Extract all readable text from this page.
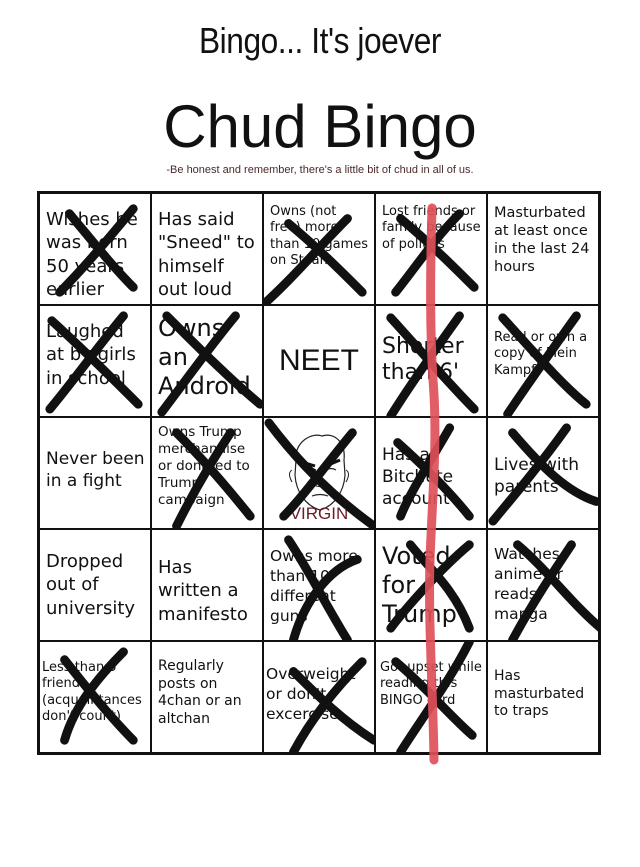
Bingo... It's joever
Chud Bingo
-Be honest and remember, there's a little bit of chud in all of us.
Wishes he was born 50 years earlier
Has said "Sneed" to himself out loud
Owns (not free) more than 10 games on Steam
Lost friends or family because of politics
Masturbated at least once in the last 24 hours
Laughed at by girls in school
Owns an Android
NEET	Shorter than 6'
Read or own a copy of Mein Kampf
Never been in a fight
Owns Trump merchandise or donated to Trump campaign
VIRGIN
Has a Bitchute account
Lives with parents
Dropped out of university
Has written a manifesto
Owns more than 10 different guns
Voted for Trump
Watches anime or reads manga
Less than 5 friends (acquaintances don't count)
Regularly posts on 4chan or an altchan
Overweight or don't excercise
Got upset while reading this BINGO card
Has masturbated to traps
